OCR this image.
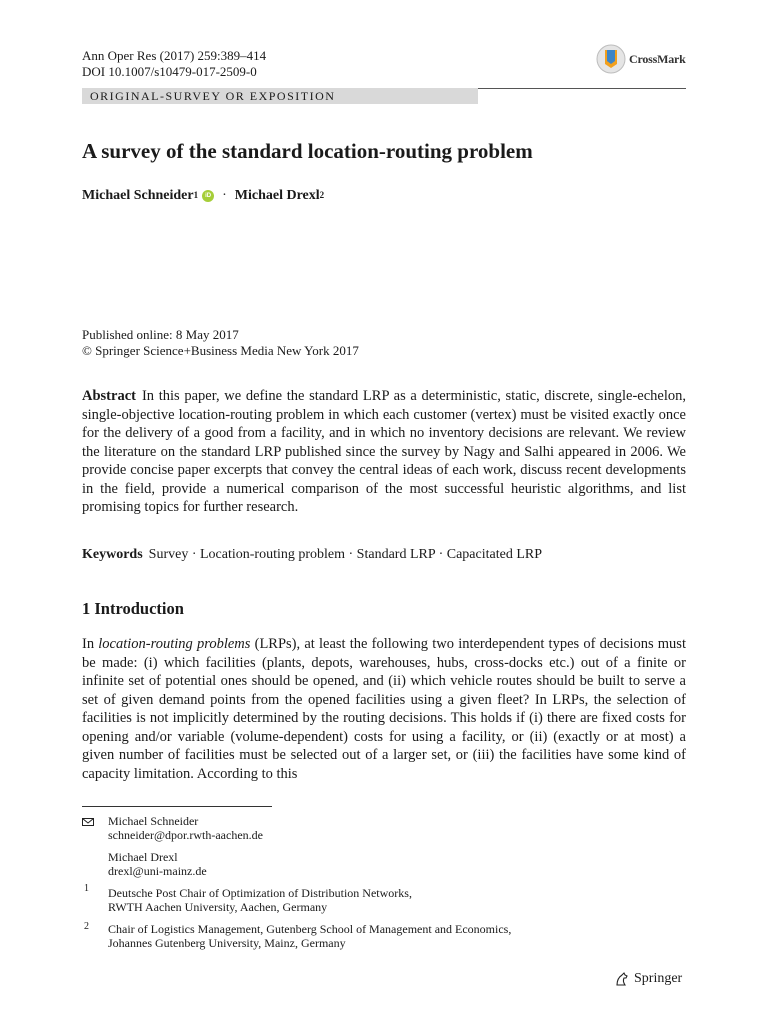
Ann Oper Res (2017) 259:389–414
DOI 10.1007/s10479-017-2509-0
CrossMark
ORIGINAL-SURVEY OR EXPOSITION
A survey of the standard location-routing problem
Michael Schneider$^1$	iD · Michael Drexl$^2$
Published online: 8 May 2017
© Springer Science+Business Media New York 2017

Abstract In this paper, we define the standard LRP as a deterministic, static, discrete, single-echelon, single-objective location-routing problem in which each customer (vertex) must be visited exactly once for the delivery of a good from a facility, and in which no inventory decisions are relevant. We review the literature on the standard LRP published since the survey by Nagy and Salhi appeared in 2006. We provide concise paper excerpts that convey the central ideas of each work, discuss recent developments in the field, provide a numerical comparison of the most successful heuristic algorithms, and list promising topics for further research.

Keywords Survey · Location-routing problem · Standard LRP · Capacitated LRP
1 Introduction

In location-routing problems (LRPs), at least the following two interdependent types of decisions must be made: (i) which facilities (plants, depots, warehouses, hubs, cross-docks etc.) out of a finite or infinite set of potential ones should be opened, and (ii) which vehicle routes should be built to serve a set of given demand points from the opened facilities using a given fleet? In LRPs, the selection of facilities is not implicitly determined by the routing decisions. This holds if (i) there are fixed costs for opening and/or variable (volume-dependent) costs for using a facility, or (ii) (exactly or at most) a given number of facilities must be selected out of a larger set, or (iii) the facilities have some kind of capacity limitation. According to this

Michael Schneider
schneider@dpor.rwth-aachen.de
Michael Drexl
drexl@uni-mainz.de
1 Deutsche Post Chair of Optimization of Distribution Networks,
RWTH Aachen University, Aachen, Germany
2 Chair of Logistics Management, Gutenberg School of Management and Economics,
Johannes Gutenberg University, Mainz, Germany
Springer
